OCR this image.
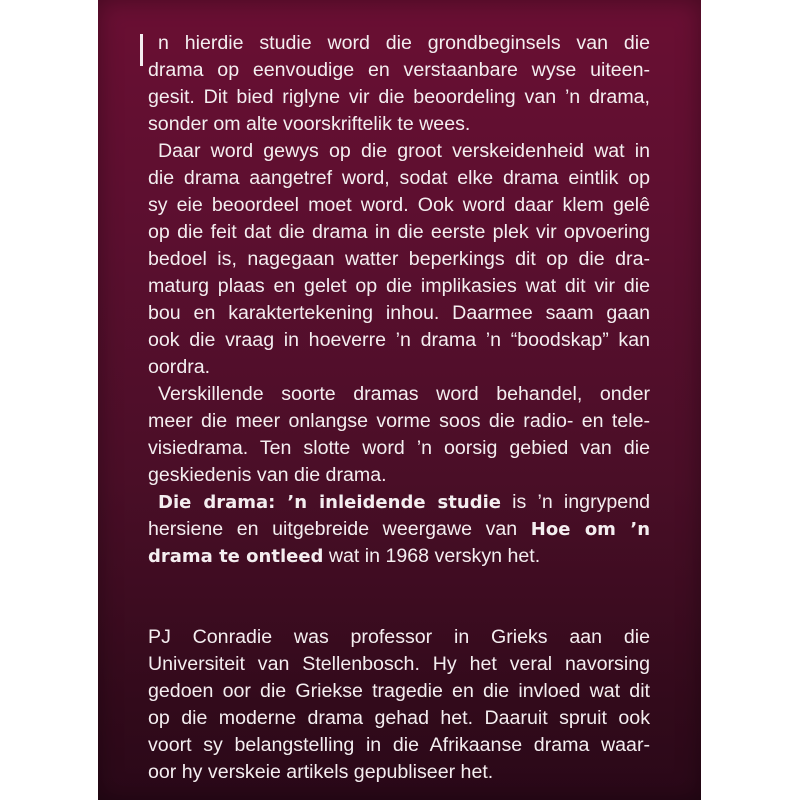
n hierdie studie word die grondbeginsels van die
drama op eenvoudige en verstaanbare wyse uiteen-
gesit. Dit bied riglyne vir die beoordeling van ’n drama,
sonder om alte voorskriftelik te wees.
Daar word gewys op die groot verskeidenheid wat in
die drama aangetref word, sodat elke drama eintlik op
sy eie beoordeel moet word. Ook word daar klem gelê
op die feit dat die drama in die eerste plek vir opvoering
bedoel is, nagegaan watter beperkings dit op die dra-
maturg plaas en gelet op die implikasies wat dit vir die
bou en karaktertekening inhou. Daarmee saam gaan
ook die vraag in hoeverre ’n drama ’n “boodskap” kan
oordra.
Verskillende soorte dramas word behandel, onder
meer die meer onlangse vorme soos die radio- en tele-
visiedrama. Ten slotte word ’n oorsig gebied van die
geskiedenis van die drama.
Die drama: ’n inleidende studie is ’n ingrypend
hersiene en uitgebreide weergawe van Hoe om ’n
drama te ontleed wat in 1968 verskyn het.
PJ Conradie was professor in Grieks aan die
Universiteit van Stellenbosch. Hy het veral navorsing
gedoen oor die Griekse tragedie en die invloed wat dit
op die moderne drama gehad het. Daaruit spruit ook
voort sy belangstelling in die Afrikaanse drama waar-
oor hy verskeie artikels gepubliseer het.
